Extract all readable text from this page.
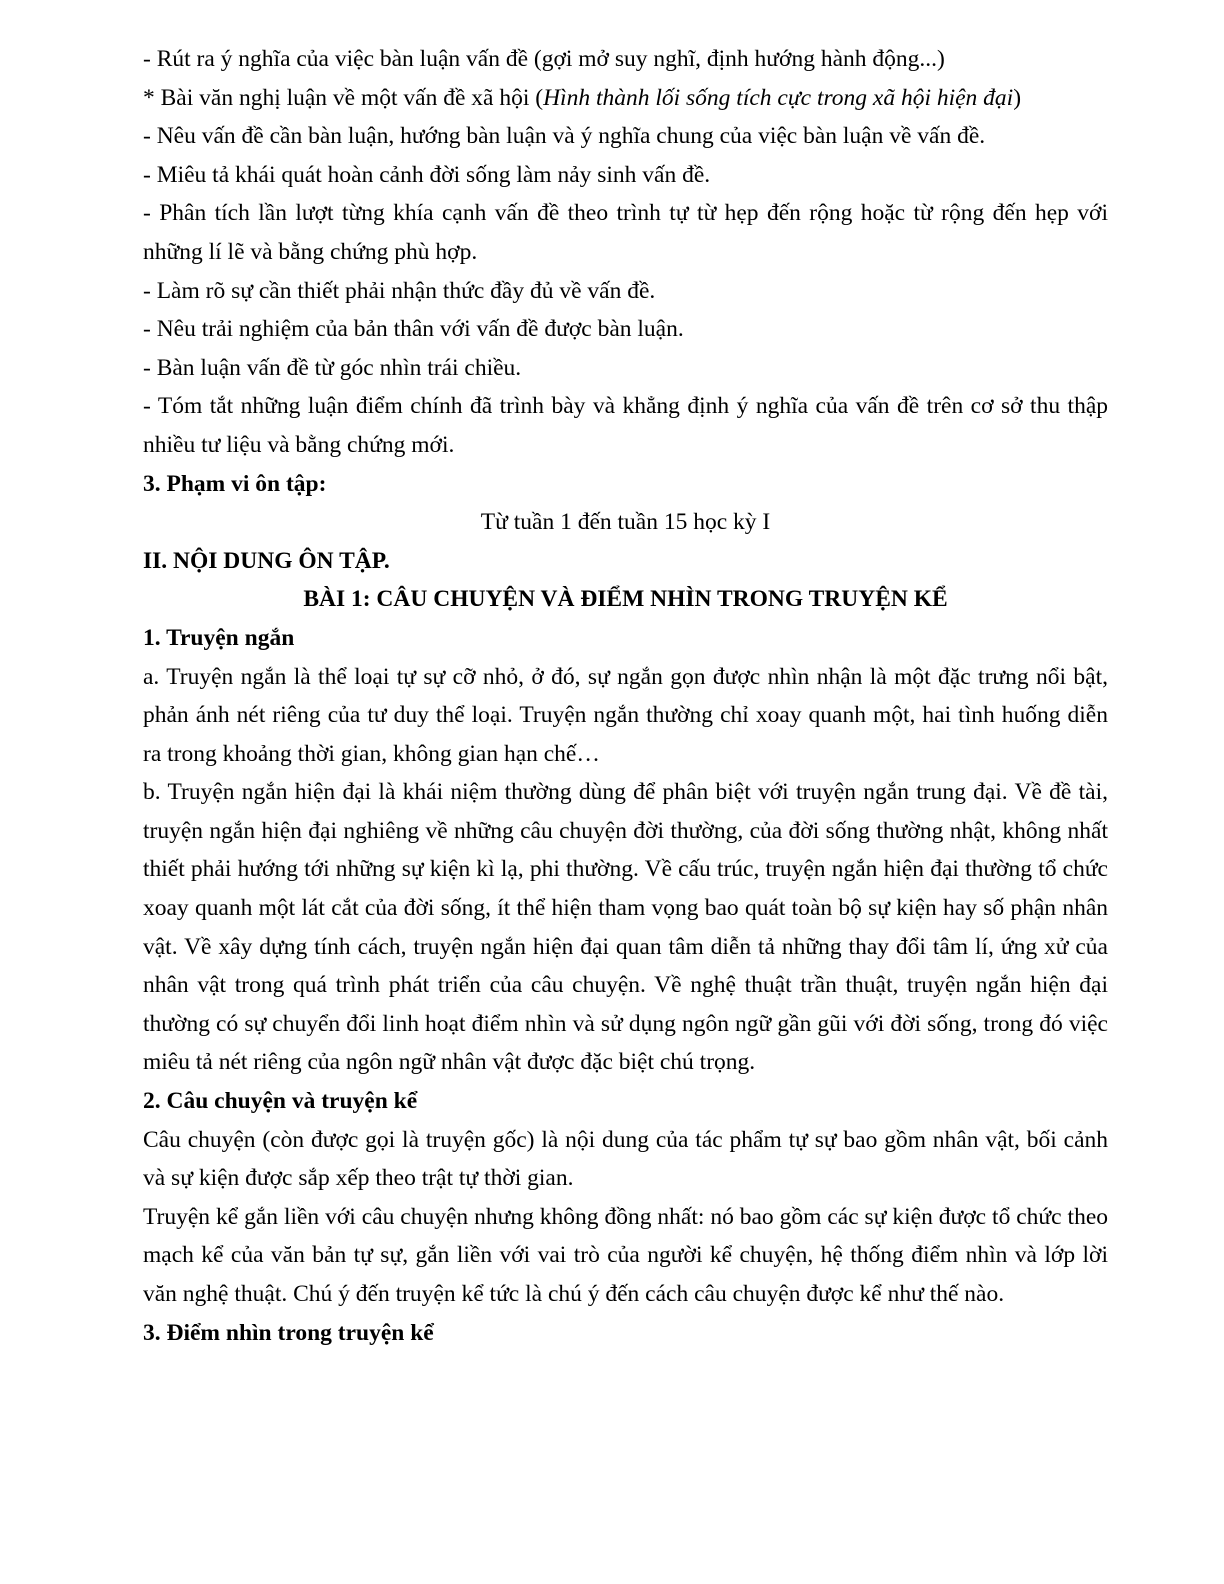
- Rút ra ý nghĩa của việc bàn luận vấn đề (gợi mở suy nghĩ, định hướng hành động...)

* Bài văn nghị luận về một vấn đề xã hội (Hình thành lối sống tích cực trong xã hội hiện đại)

- Nêu vấn đề cần bàn luận, hướng bàn luận và ý nghĩa chung của việc bàn luận về vấn đề.

- Miêu tả khái quát hoàn cảnh đời sống làm nảy sinh vấn đề.

- Phân tích lần lượt từng khía cạnh vấn đề theo trình tự từ hẹp đến rộng hoặc từ rộng đến hẹp với những lí lẽ và bằng chứng phù hợp.

- Làm rõ sự cần thiết phải nhận thức đầy đủ về vấn đề.

- Nêu trải nghiệm của bản thân với vấn đề được bàn luận.

- Bàn luận vấn đề từ góc nhìn trái chiều.

- Tóm tắt những luận điểm chính đã trình bày và khẳng định ý nghĩa của vấn đề trên cơ sở thu thập nhiều tư liệu và bằng chứng mới.

3. Phạm vi ôn tập:

Từ tuần 1 đến tuần 15 học kỳ I

II. NỘI DUNG ÔN TẬP.

BÀI 1: CÂU CHUYỆN VÀ ĐIỂM NHÌN TRONG TRUYỆN KỂ

1. Truyện ngắn

a. Truyện ngắn là thể loại tự sự cỡ nhỏ, ở đó, sự ngắn gọn được nhìn nhận là một đặc trưng nổi bật, phản ánh nét riêng của tư duy thể loại. Truyện ngắn thường chỉ xoay quanh một, hai tình huống diễn ra trong khoảng thời gian, không gian hạn chế…

b. Truyện ngắn hiện đại là khái niệm thường dùng để phân biệt với truyện ngắn trung đại. Về đề tài, truyện ngắn hiện đại nghiêng về những câu chuyện đời thường, của đời sống thường nhật, không nhất thiết phải hướng tới những sự kiện kì lạ, phi thường. Về cấu trúc, truyện ngắn hiện đại thường tổ chức xoay quanh một lát cắt của đời sống, ít thể hiện tham vọng bao quát toàn bộ sự kiện hay số phận nhân vật. Về xây dựng tính cách, truyện ngắn hiện đại quan tâm diễn tả những thay đổi tâm lí, ứng xử của nhân vật trong quá trình phát triển của câu chuyện. Về nghệ thuật trần thuật, truyện ngắn hiện đại thường có sự chuyển đổi linh hoạt điểm nhìn và sử dụng ngôn ngữ gần gũi với đời sống, trong đó việc miêu tả nét riêng của ngôn ngữ nhân vật được đặc biệt chú trọng.

2. Câu chuyện và truyện kể

Câu chuyện (còn được gọi là truyện gốc) là nội dung của tác phẩm tự sự bao gồm nhân vật, bối cảnh và sự kiện được sắp xếp theo trật tự thời gian.

Truyện kể gắn liền với câu chuyện nhưng không đồng nhất: nó bao gồm các sự kiện được tổ chức theo mạch kể của văn bản tự sự, gắn liền với vai trò của người kể chuyện, hệ thống điểm nhìn và lớp lời văn nghệ thuật. Chú ý đến truyện kể tức là chú ý đến cách câu chuyện được kể như thế nào.

3. Điểm nhìn trong truyện kể
